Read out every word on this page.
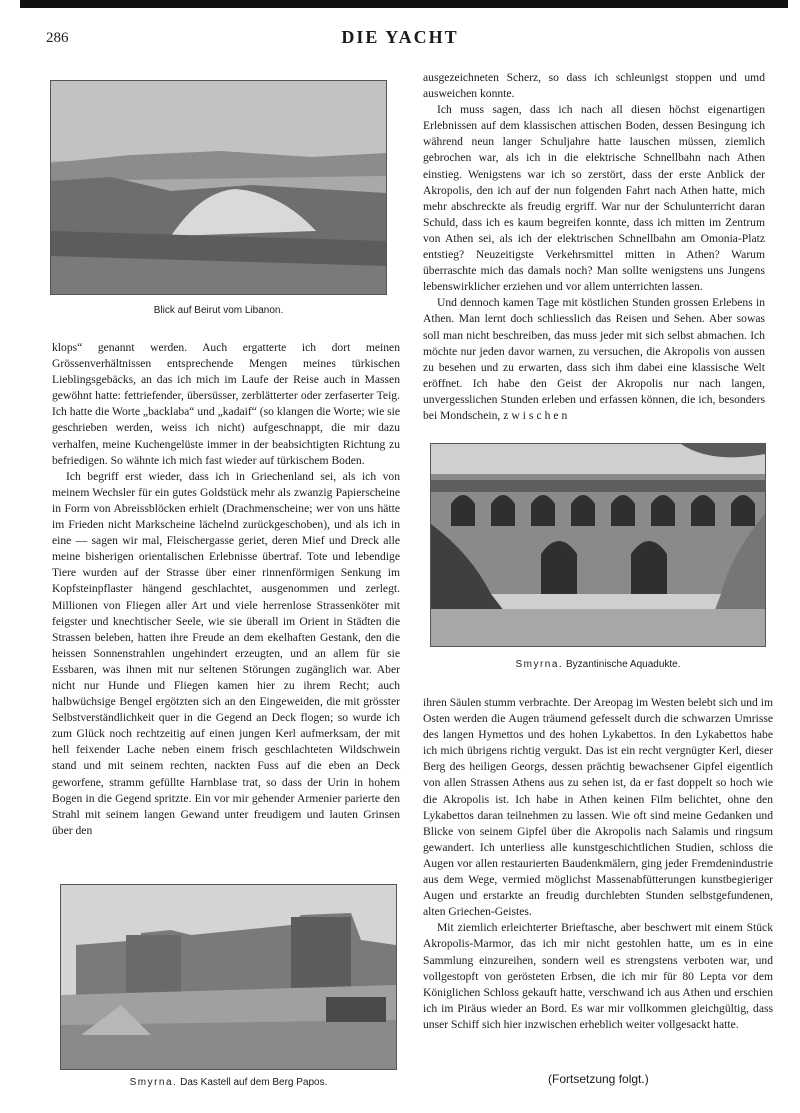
286	DIE YACHT
Blick auf Beirut vom Libanon.

klops“ genannt werden. Auch ergatterte ich dort meinen Grössenverhältnissen entsprechende Mengen meines türkischen Lieblingsgebäcks, an das ich mich im Laufe der Reise auch in Massen gewöhnt hatte: fettriefender, übersüsser, zerblätterter oder zerfaserter Teig. Ich hatte die Worte „backlaba“ und „kadaif“ (so klangen die Worte; wie sie geschrieben werden, weiss ich nicht) aufgeschnappt, die mir dazu verhalfen, meine Kuchengelüste immer in der beabsichtigten Richtung zu befriedigen. So wähnte ich mich fast wieder auf türkischem Boden.

Ich begriff erst wieder, dass ich in Griechenland sei, als ich von meinem Wechsler für ein gutes Goldstück mehr als zwanzig Papierscheine in Form von Abreissblöcken erhielt (Drachmenscheine; wer von uns hätte im Frieden nicht Markscheine lächelnd zurückgeschoben), und als ich in eine — sagen wir mal, Fleischergasse geriet, deren Mief und Dreck alle meine bisherigen orientalischen Erlebnisse übertraf. Tote und lebendige Tiere wurden auf der Strasse über einer rinnenförmigen Senkung im Kopfsteinpflaster hängend geschlachtet, ausgenommen und zerlegt. Millionen von Fliegen aller Art und viele herrenlose Strassenköter mit feigster und knechtischer Seele, wie sie überall im Orient in Städten die Strassen beleben, hatten ihre Freude an dem ekelhaften Gestank, den die heissen Sonnenstrahlen ungehindert erzeugten, und an allem für sie Essbaren, was ihnen mit nur seltenen Störungen zugänglich war. Aber nicht nur Hunde und Fliegen kamen hier zu ihrem Recht; auch halbwüchsige Bengel ergötzten sich an den Eingeweiden, die mit grösster Selbstverständlichkeit quer in die Gegend an Deck flogen; so wurde ich zum Glück noch rechtzeitig auf einen jungen Kerl aufmerksam, der mit hell feixender Lache neben einem frisch geschlachteten Wildschwein stand und mit seinem rechten, nackten Fuss auf die eben an Deck geworfene, stramm gefüllte Harnblase trat, so dass der Urin in hohem Bogen in die Gegend spritzte. Ein vor mir gehender Armenier parierte den Strahl mit seinem langen Gewand unter freudigem und lauten Grinsen über den

ausgezeichneten Scherz, so dass ich schleunigst stoppen und umd ausweichen konnte.

Ich muss sagen, dass ich nach all diesen höchst eigenartigen Erlebnissen auf dem klassischen attischen Boden, dessen Besingung ich während neun langer Schuljahre hatte lauschen müssen, ziemlich gebrochen war, als ich in die elektrische Schnellbahn nach Athen einstieg. Wenigstens war ich so zerstört, dass der erste Anblick der Akropolis, den ich auf der nun folgenden Fahrt nach Athen hatte, mich mehr abschreckte als freudig ergriff. War nur der Schulunterricht daran Schuld, dass ich es kaum begreifen konnte, dass ich mitten im Zentrum von Athen sei, als ich der elektrischen Schnellbahn am Omonia-Platz entstieg? Neuzeitigste Verkehrsmittel mitten in Athen? Warum überraschte mich das damals noch? Man sollte wenigstens uns Jungens lebenswirklicher erziehen und vor allem unterrichten lassen.

Und dennoch kamen Tage mit köstlichen Stunden grossen Erlebens in Athen. Man lernt doch schliesslich das Reisen und Sehen. Aber sowas soll man nicht beschreiben, das muss jeder mit sich selbst abmachen. Ich möchte nur jeden davor warnen, zu versuchen, die Akropolis von aussen zu besehen und zu erwarten, dass sich ihm dabei eine klassische Welt eröffnet. Ich habe den Geist der Akropolis nur nach langen, unvergesslichen Stunden erleben und erfassen können, die ich, besonders bei Mondschein, zwischen

Smyrna. Byzantinische Aquadukte.

ihren Säulen stumm verbrachte. Der Areopag im Westen belebt sich und im Osten werden die Augen träumend gefesselt durch die schwarzen Umrisse des langen Hymettos und des hohen Lykabettos. In den Lykabettos habe ich mich übrigens richtig vergukt. Das ist ein recht vergnügter Kerl, dieser Berg des heiligen Georgs, dessen prächtig bewachsener Gipfel eigentlich von allen Strassen Athens aus zu sehen ist, da er fast doppelt so hoch wie die Akropolis ist. Ich habe in Athen keinen Film belichtet, ohne den Lykabettos daran teilnehmen zu lassen. Wie oft sind meine Gedanken und Blicke von seinem Gipfel über die Akropolis nach Salamis und ringsum gewandert. Ich unterliess alle kunstgeschichtlichen Studien, schloss die Augen vor allen restaurierten Baudenkmälern, ging jeder Fremdenindustrie aus dem Wege, vermied möglichst Massenabfütterungen kunstbegieriger Augen und erstarkte an freudig durchlebten Stunden selbstgefundenen, alten Griechen-Geistes.

Mit ziemlich erleichterter Brieftasche, aber beschwert mit einem Stück Akropolis-Marmor, das ich mir nicht gestohlen hatte, um es in eine Sammlung einzureihen, sondern weil es strengstens verboten war, und vollgestopft von gerösteten Erbsen, die ich mir für 80 Lepta vor dem Königlichen Schloss gekauft hatte, verschwand ich aus Athen und erschien ich im Piräus wieder an Bord. Es war mir vollkommen gleichgültig, dass unser Schiff sich hier inzwischen erheblich weiter vollgesackt hatte.

Smyrna. Das Kastell auf dem Berg Papos.	(Fortsetzung folgt.)
